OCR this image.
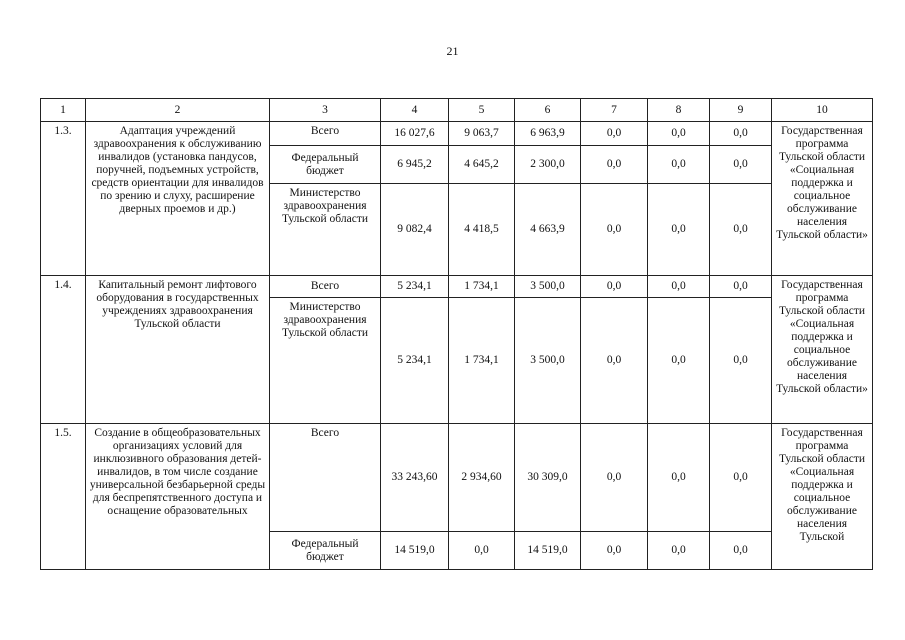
21
1	2	3	4	5	6	7	8	9	10
1.3.	Адаптация учреждений здравоохранения к обслуживанию инвалидов (установка пандусов, поручней, подъемных устройств, средств ориентации для инвалидов по зрению и слуху, расширение дверных проемов и др.)	Всего	16 027,6	9 063,7	6 963,9	0,0	0,0	0,0	Государственная программа Тульской области «Социальная поддержка и социальное обслуживание населения Тульской области»
		Федеральный бюджет	6 945,2	4 645,2	2 300,0	0,0	0,0	0,0	
		Министерство здравоохранения Тульской области	9 082,4	4 418,5	4 663,9	0,0	0,0	0,0	
1.4.	Капитальный ремонт лифтового оборудования в государственных учреждениях здравоохранения Тульской области	Всего	5 234,1	1 734,1	3 500,0	0,0	0,0	0,0	Государственная программа Тульской области «Социальная поддержка и социальное обслуживание населения Тульской области»
		Министерство здравоохранения Тульской области	5 234,1	1 734,1	3 500,0	0,0	0,0	0,0	
1.5.	Создание в общеобразовательных организациях условий для инклюзивного образования детей-инвалидов, в том числе создание универсальной безбарьерной среды для беспрепятственного доступа и оснащение образовательных	Всего	33 243,60	2 934,60	30 309,0	0,0	0,0	0,0	Государственная программа Тульской области «Социальная поддержка и социальное обслуживание населения Тульской
		Федеральный бюджет	14 519,0	0,0	14 519,0	0,0	0,0	0,0	
